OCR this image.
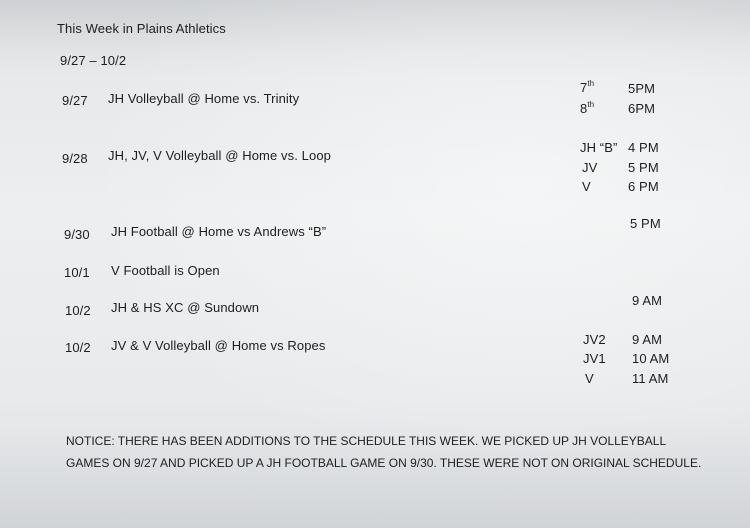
This Week in Plains Athletics
9/27 – 10/2
9/27 JH Volleyball @ Home vs. Trinity
7th	5PM
8th	6PM
9/28 JH, JV, V Volleyball @ Home vs. Loop
JH “B” 4 PM
JV 5 PM
V	6 PM
9/30 JH Football @ Home vs Andrews “B”
5 PM
10/1 V Football is Open
10/2 JH & HS XC @ Sundown	9 AM
10/2 JV & V Volleyball @ Home vs Ropes	JV2 9 AM
JV1 10 AM
V	11 AM
NOTICE: THERE HAS BEEN ADDITIONS TO THE SCHEDULE THIS WEEK. WE PICKED UP JH VOLLEYBALL GAMES ON 9/27 AND PICKED UP A JH FOOTBALL GAME ON 9/30. THESE WERE NOT ON ORIGINAL SCHEDULE.
